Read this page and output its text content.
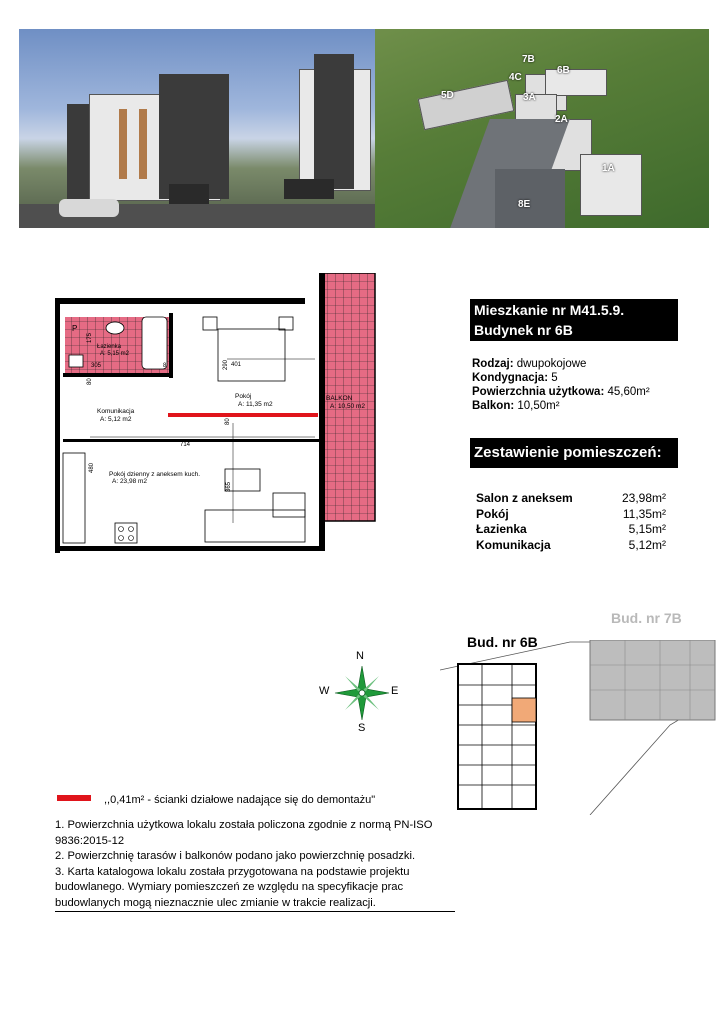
7B
6B
4C
5D	3A
2A
1A
8E
P
Łazienka
A: 5,15 m2
305
175
Komunikacja
A: 5,12 m2
Pokój
A: 11,35 m2
401
290
714
Pokój dzienny z aneksem kuch.
A: 23,98 m2
480
365
80
80
8
BALKON
A: 10,50 m2
Mieszkanie nr M41.5.9.
Budynek nr 6B
Rodzaj: dwupokojowe
Kondygnacja: 5
Powierzchnia użytkowa: 45,60m²
Balkon: 10,50m²
Zestawienie pomieszczeń:
Salon z aneksem	23,98m²
Pokój	11,35m²
Łazienka	5,15m²
Komunikacja	5,12m²
N
W	E
S
Bud. nr 6B
Bud. nr 7B
,,0,41m² - ścianki działowe nadające się do demontażu"
1. Powierzchnia użytkowa lokalu została policzona zgodnie z normą PN-ISO 9836:2015-12
2. Powierzchnię tarasów i balkonów podano jako powierzchnię posadzki.
3. Karta katalogowa lokalu została przygotowana na podstawie projektu budowlanego. Wymiary pomieszczeń ze względu na specyfikacje prac budowlanych mogą nieznacznie ulec zmianie w trakcie realizacji.
